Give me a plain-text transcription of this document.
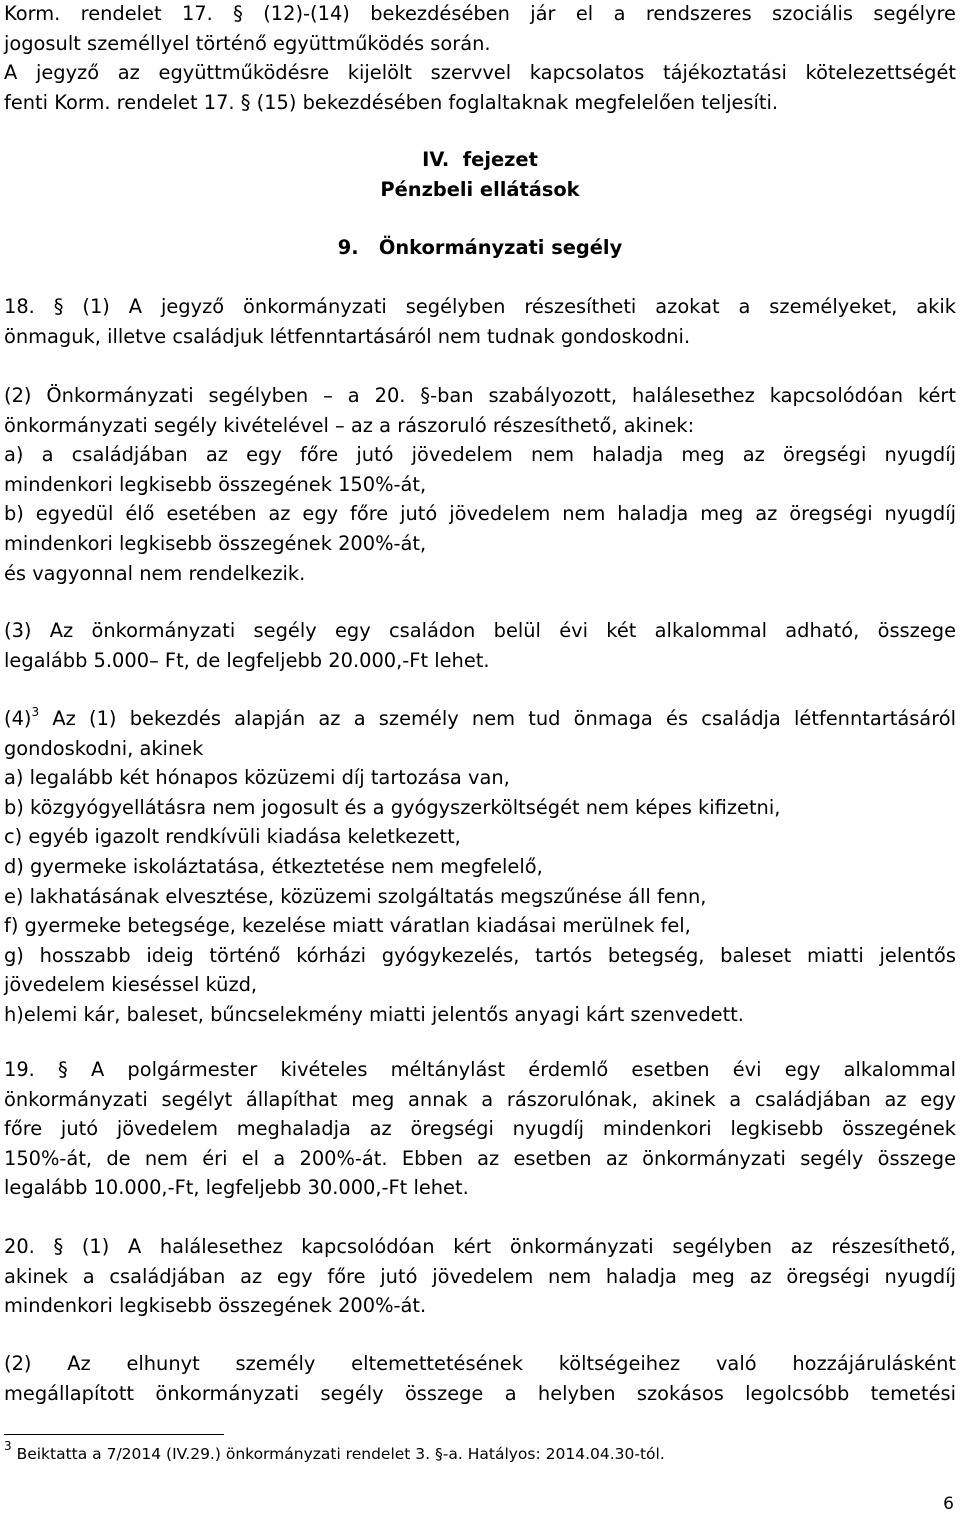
Korm. rendelet 17. § (12)-(14) bekezdésében jár el a rendszeres szociális segélyre

jogosult személlyel történő együttműködés során.

A jegyző az együttműködésre kijelölt szervvel kapcsolatos tájékoztatási kötelezettségét

fenti Korm. rendelet 17. § (15) bekezdésében foglaltaknak megfelelően teljesíti.

IV. fejezet

Pénzbeli ellátások

9. Önkormányzati segély

18. § (1) A jegyző önkormányzati segélyben részesítheti azokat a személyeket, akik

önmaguk, illetve családjuk létfenntartásáról nem tudnak gondoskodni.

(2) Önkormányzati segélyben – a 20. §-ban szabályozott, halálesethez kapcsolódóan kért

önkormányzati segély kivételével – az a rászoruló részesíthető, akinek:

a) a családjában az egy főre jutó jövedelem nem haladja meg az öregségi nyugdíj

mindenkori legkisebb összegének 150%-át,

b) egyedül élő esetében az egy főre jutó jövedelem nem haladja meg az öregségi nyugdíj

mindenkori legkisebb összegének 200%-át,

és vagyonnal nem rendelkezik.

(3) Az önkormányzati segély egy családon belül évi két alkalommal adható, összege

legalább 5.000– Ft, de legfeljebb 20.000,-Ft lehet.

$(4)^3$ Az (1) bekezdés alapján az a személy nem tud önmaga és családja létfenntartásáról

gondoskodni, akinek

a) legalább két hónapos közüzemi díj tartozása van,

b) közgyógyellátásra nem jogosult és a gyógyszerköltségét nem képes kifizetni,

c) egyéb igazolt rendkívüli kiadása keletkezett,

d) gyermeke iskoláztatása, étkeztetése nem megfelelő,

e) lakhatásának elvesztése, közüzemi szolgáltatás megszűnése áll fenn,

f) gyermeke betegsége, kezelése miatt váratlan kiadásai merülnek fel,

g) hosszabb ideig történő kórházi gyógykezelés, tartós betegség, baleset miatti jelentős

jövedelem kieséssel küzd,

h)elemi kár, baleset, bűncselekmény miatti jelentős anyagi kárt szenvedett.

19. § A polgármester kivételes méltánylást érdemlő esetben évi egy alkalommal

önkormányzati segélyt állapíthat meg annak a rászorulónak, akinek a családjában az egy

főre jutó jövedelem meghaladja az öregségi nyugdíj mindenkori legkisebb összegének

150%-át, de nem éri el a 200%-át. Ebben az esetben az önkormányzati segély összege

legalább 10.000,-Ft, legfeljebb 30.000,-Ft lehet.

20. § (1) A halálesethez kapcsolódóan kért önkormányzati segélyben az részesíthető,

akinek a családjában az egy főre jutó jövedelem nem haladja meg az öregségi nyugdíj

mindenkori legkisebb összegének 200%-át.

(2) Az elhunyt személy eltemettetésének költségeihez való hozzájárulásként

megállapított önkormányzati segély összege a helyben szokásos legolcsóbb temetési

$^3$ Beiktatta a 7/2014 (IV.29.) önkormányzati rendelet 3. §-a. Hatályos: 2014.04.30-tól.
6
